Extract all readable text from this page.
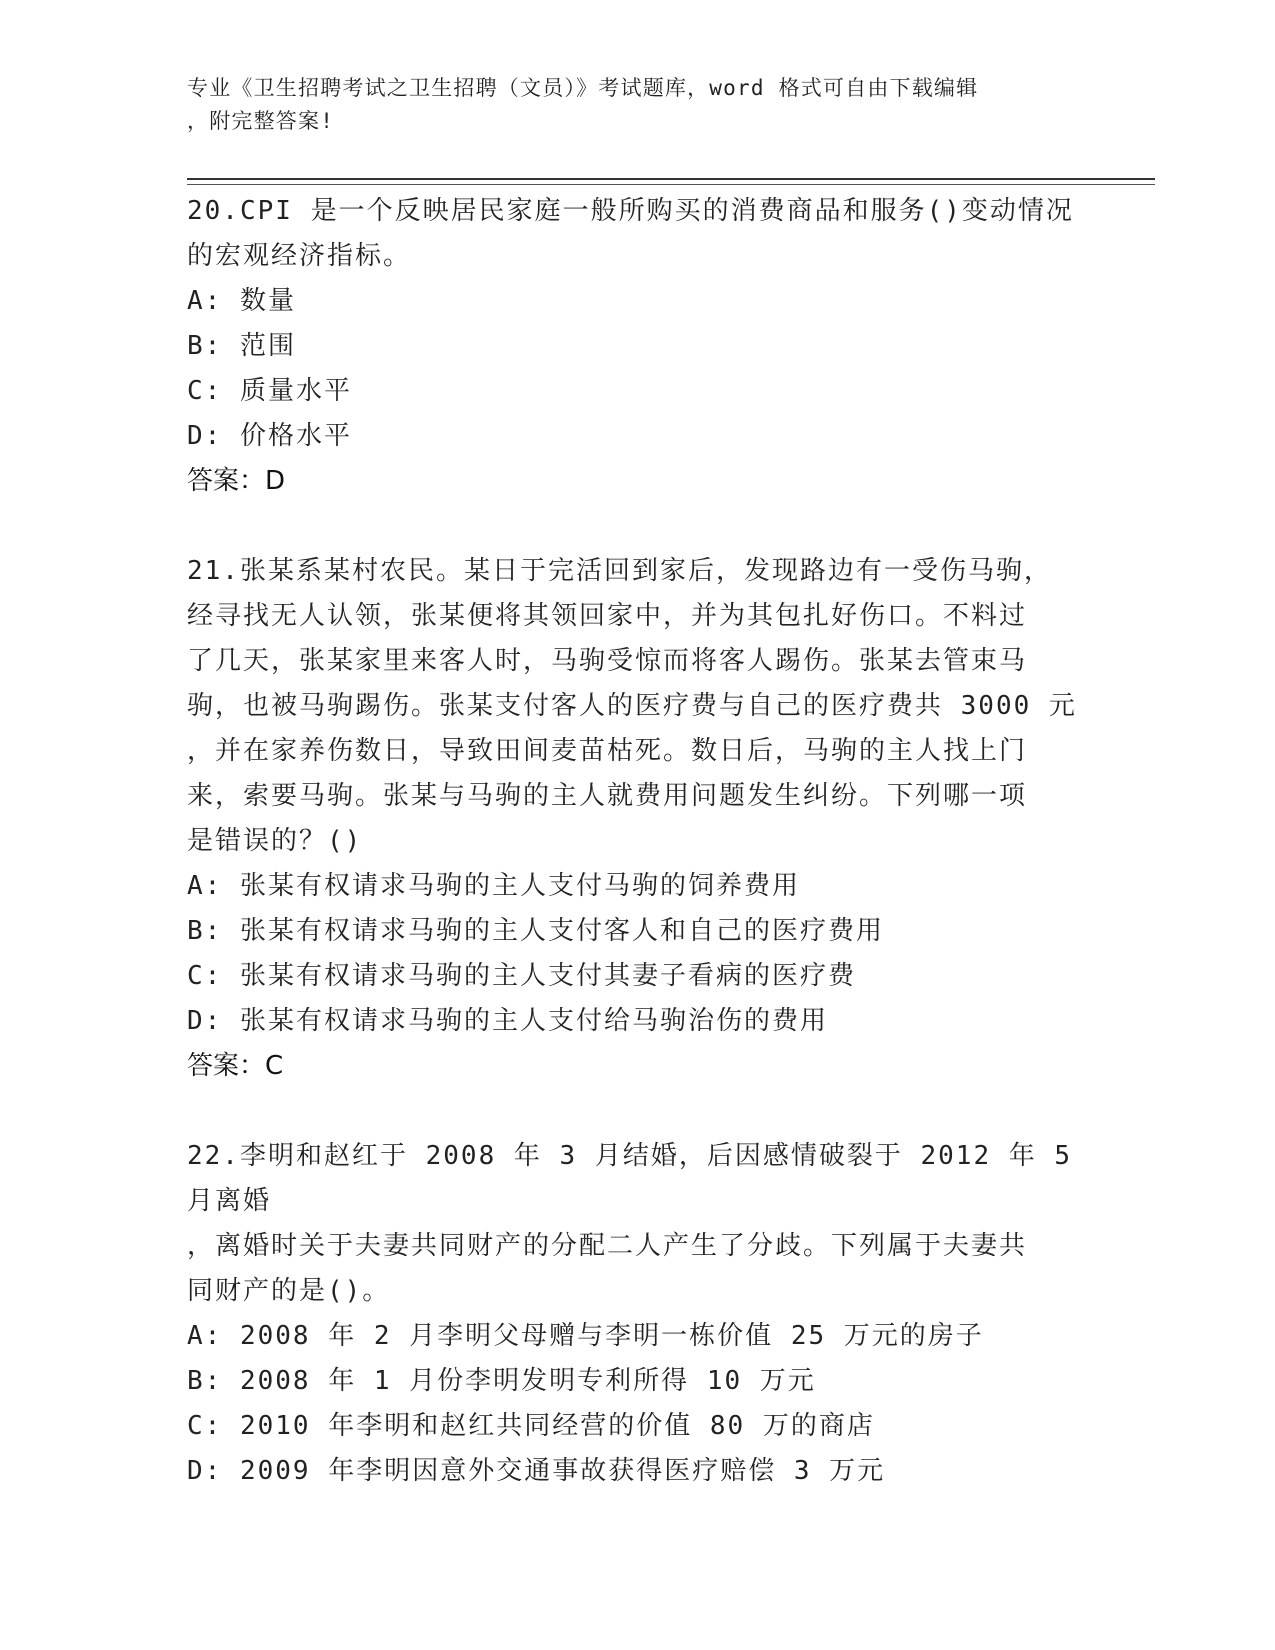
专业《卫生招聘考试之卫生招聘（文员）》考试题库，word 格式可自由下载编辑
，附完整答案!

20.CPI 是一个反映居民家庭一般所购买的消费商品和服务()变动情况

的宏观经济指标。

A: 数量

B: 范围

C: 质量水平

D: 价格水平

答案：D

21.张某系某村农民。某日于完活回到家后，发现路边有一受伤马驹，

经寻找无人认领，张某便将其领回家中，并为其包扎好伤口。不料过

了几天，张某家里来客人时，马驹受惊而将客人踢伤。张某去管束马

驹，也被马驹踢伤。张某支付客人的医疗费与自己的医疗费共 3000 元

，并在家养伤数日，导致田间麦苗枯死。数日后，马驹的主人找上门

来，索要马驹。张某与马驹的主人就费用问题发生纠纷。下列哪一项

是错误的？()

A: 张某有权请求马驹的主人支付马驹的饲养费用

B: 张某有权请求马驹的主人支付客人和自己的医疗费用

C: 张某有权请求马驹的主人支付其妻子看病的医疗费

D: 张某有权请求马驹的主人支付给马驹治伤的费用

答案：C

22.李明和赵红于 2008 年 3 月结婚，后因感情破裂于 2012 年 5 月离婚

，离婚时关于夫妻共同财产的分配二人产生了分歧。下列属于夫妻共

同财产的是()。

A: 2008 年 2 月李明父母赠与李明一栋价值 25 万元的房子

B: 2008 年 1 月份李明发明专利所得 10 万元

C: 2010 年李明和赵红共同经营的价值 80 万的商店

D: 2009 年李明因意外交通事故获得医疗赔偿 3 万元
